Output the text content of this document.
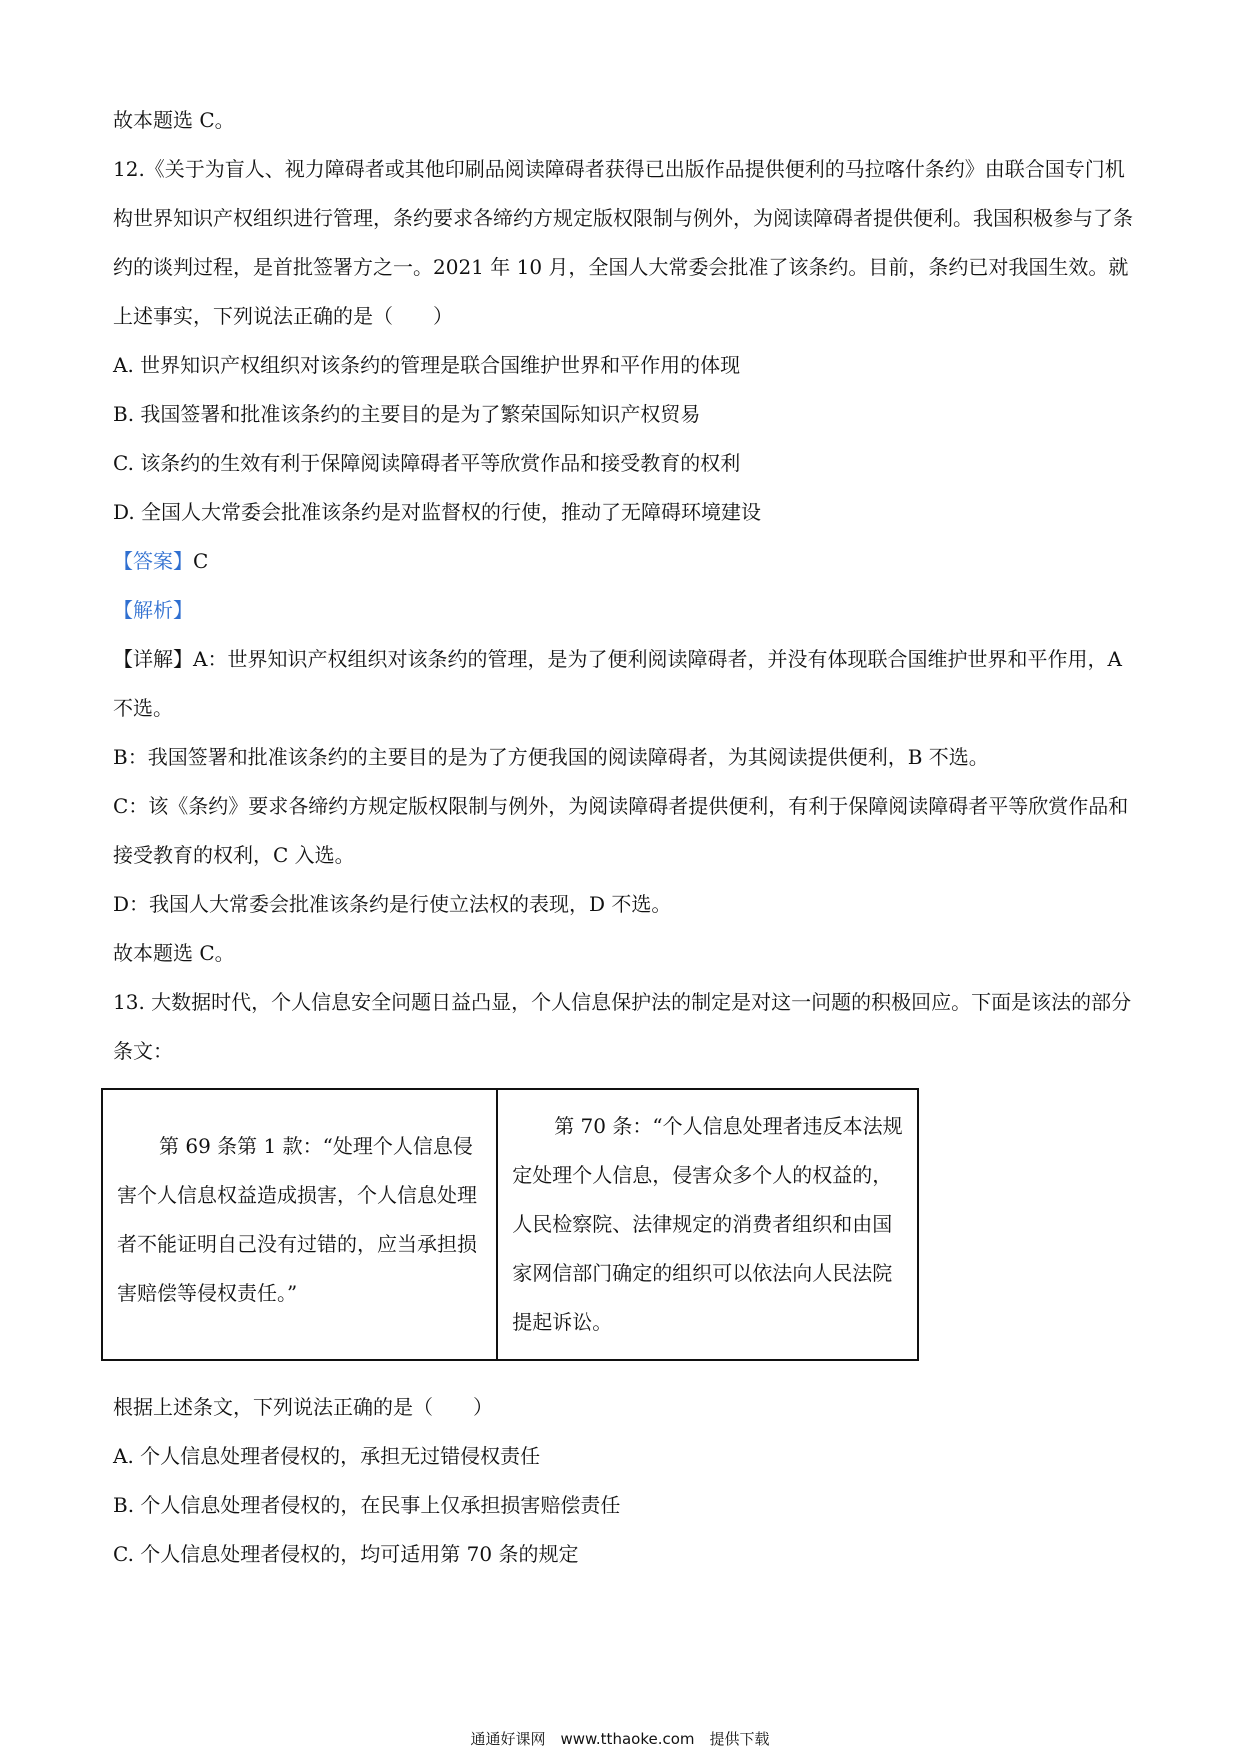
故本题选 C。
12.《关于为盲人、视力障碍者或其他印刷品阅读障碍者获得已出版作品提供便利的马拉喀什条约》由联合国专门机构世界知识产权组织进行管理，条约要求各缔约方规定版权限制与例外，为阅读障碍者提供便利。我国积极参与了条约的谈判过程，是首批签署方之一。2021 年 10 月，全国人大常委会批准了该条约。目前，条约已对我国生效。就上述事实，下列说法正确的是（　　）
A. 世界知识产权组织对该条约的管理是联合国维护世界和平作用的体现
B. 我国签署和批准该条约的主要目的是为了繁荣国际知识产权贸易
C. 该条约的生效有利于保障阅读障碍者平等欣赏作品和接受教育的权利
D. 全国人大常委会批准该条约是对监督权的行使，推动了无障碍环境建设
【答案】C
【解析】
【详解】A：世界知识产权组织对该条约的管理，是为了便利阅读障碍者，并没有体现联合国维护世界和平作用，A 不选。
B：我国签署和批准该条约的主要目的是为了方便我国的阅读障碍者，为其阅读提供便利，B 不选。
C：该《条约》要求各缔约方规定版权限制与例外，为阅读障碍者提供便利，有利于保障阅读障碍者平等欣赏作品和接受教育的权利，C 入选。
D：我国人大常委会批准该条约是行使立法权的表现，D 不选。
故本题选 C。
13. 大数据时代，个人信息安全问题日益凸显，个人信息保护法的制定是对这一问题的积极回应。下面是该法的部分条文：
第 69 条第 1 款：“处理个人信息侵害个人信息权益造成损害，个人信息处理者不能证明自己没有过错的，应当承担损害赔偿等侵权责任。”	第 70 条：“个人信息处理者违反本法规定处理个人信息，侵害众多个人的权益的，人民检察院、法律规定的消费者组织和由国家网信部门确定的组织可以依法向人民法院提起诉讼。
根据上述条文，下列说法正确的是（　　）
A. 个人信息处理者侵权的，承担无过错侵权责任
B. 个人信息处理者侵权的，在民事上仅承担损害赔偿责任
C. 个人信息处理者侵权的，均可适用第 70 条的规定
通通好课网　www.tthaoke.com　提供下载
